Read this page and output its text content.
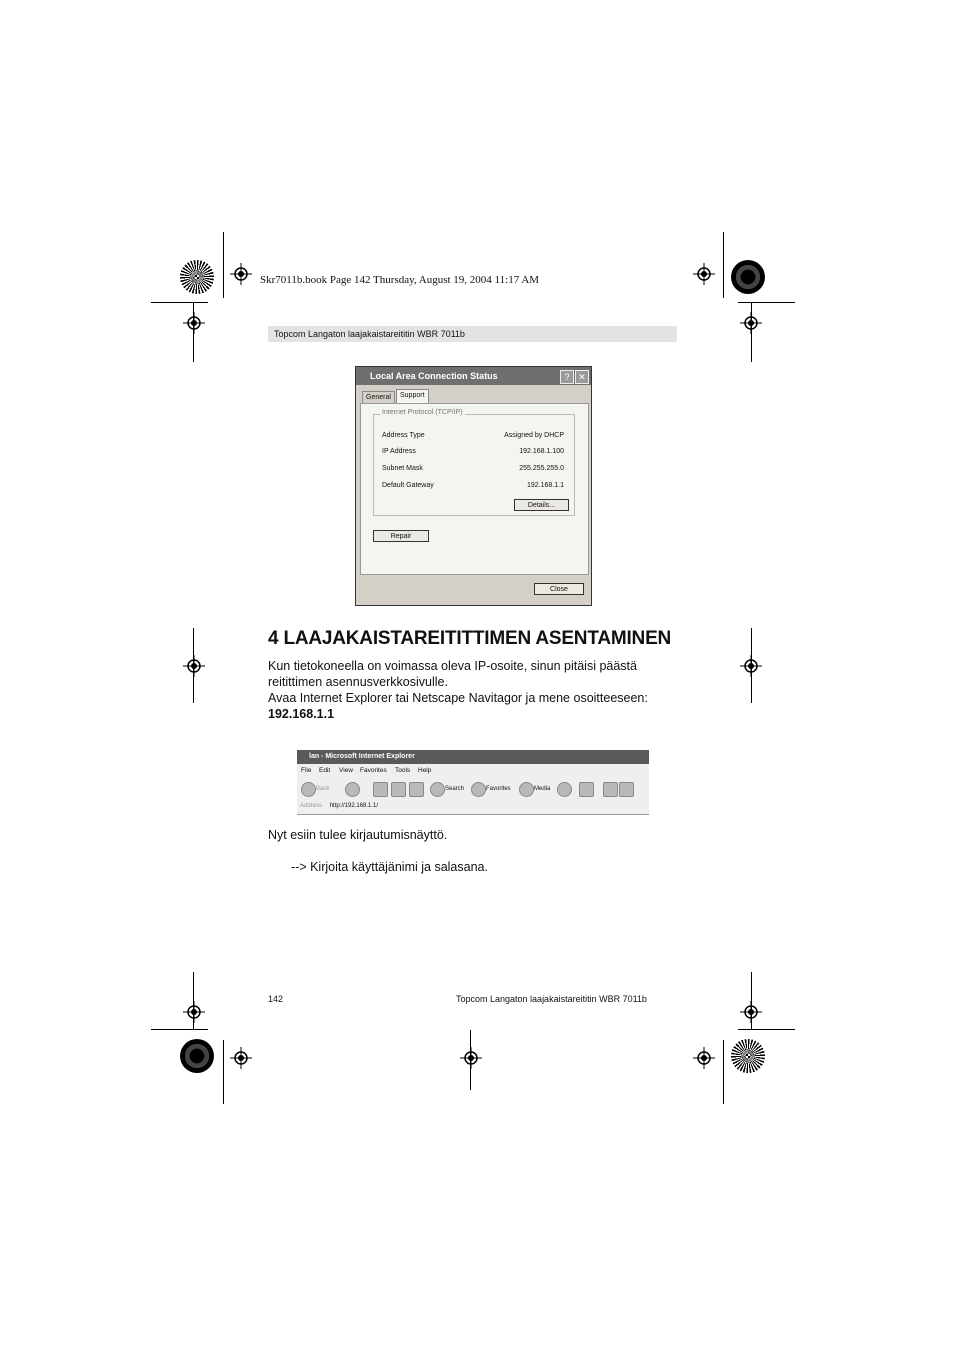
Skr7011b.book Page 142 Thursday, August 19, 2004 11:17 AM
Topcom Langaton laajakaistareititin WBR 7011b
Local Area Connection Status	? ✕
General	Support
Internet Protocol (TCP/IP)
Address Type	Assigned by DHCP
IP Address	192.168.1.100
Subnet Mask	255.255.255.0
Default Gateway	192.168.1.1
Details...
Repair
Close
4 LAAJAKAISTAREITITTIMEN ASENTAMINEN
Kun tietokoneella on voimassa oleva IP-osoite, sinun pitäisi päästä
reitittimen asennusverkkosivulle.
Avaa Internet Explorer tai Netscape Navitagor ja mene osoitteeseen:
192.168.1.1
lan - Microsoft Internet Explorer
File Edit View Favorites Tools Help
Back	Search	Favorites	Media
Address http://192.168.1.1/
Nyt esiin tulee kirjautumisnäyttö.
--> Kirjoita käyttäjänimi ja salasana.
142	Topcom Langaton laajakaistareititin WBR 7011b
